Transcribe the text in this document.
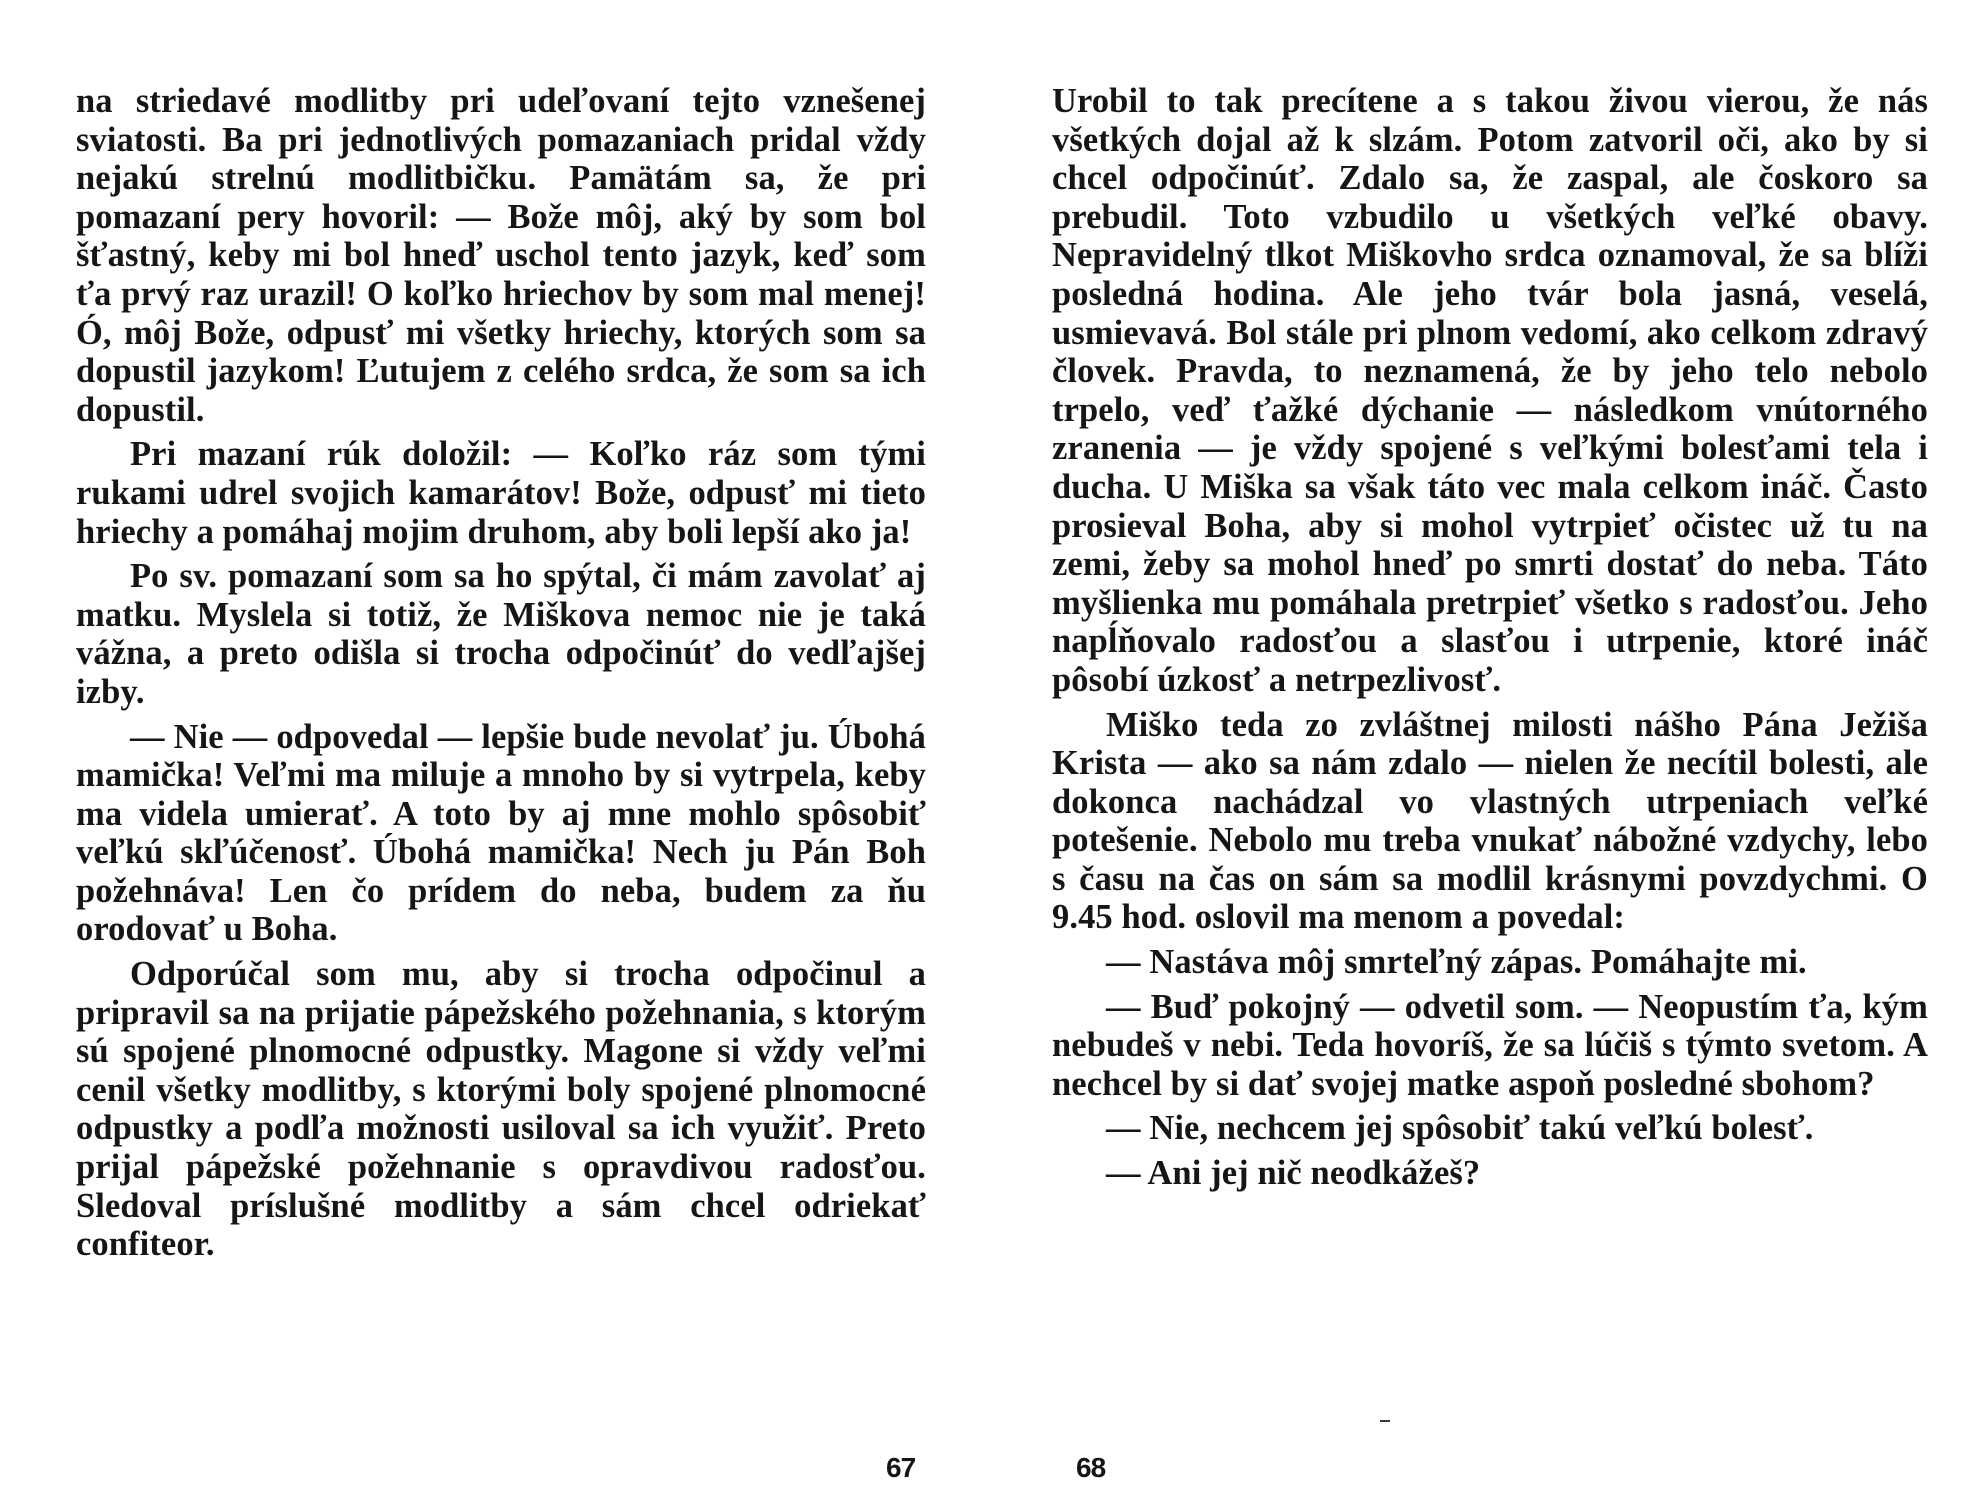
na striedavé modlitby pri udeľovaní tejto vznešenej sviatosti. Ba pri jednotlivých pomazaniach pridal vždy nejakú strelnú modlitbičku. Pamätám sa, že pri pomazaní pery hovoril: — Bože môj, aký by som bol šťastný, keby mi bol hneď uschol tento jazyk, keď som ťa prvý raz urazil! O koľko hriechov by som mal menej! Ó, môj Bože, odpusť mi všetky hriechy, ktorých som sa dopustil jazykom! Ľutujem z celého srdca, že som sa ich dopustil.

Pri mazaní rúk doložil: — Koľko ráz som tými rukami udrel svojich kamarátov! Bože, odpusť mi tieto hriechy a pomáhaj mojim druhom, aby boli lepší ako ja!

Po sv. pomazaní som sa ho spýtal, či mám zavolať aj matku. Myslela si totiž, že Miškova nemoc nie je taká vážna, a preto odišla si trocha odpočinúť do vedľajšej izby.

— Nie — odpovedal — lepšie bude nevolať ju. Úbohá mamička! Veľmi ma miluje a mnoho by si vytrpela, keby ma videla umierať. A toto by aj mne mohlo spôsobiť veľkú skľúčenosť. Úbohá mamička! Nech ju Pán Boh požehnáva! Len čo prídem do neba, budem za ňu orodovať u Boha.

Odporúčal som mu, aby si trocha odpočinul a pripravil sa na prijatie pápežského požehnania, s ktorým sú spojené plnomocné odpustky. Magone si vždy veľmi cenil všetky modlitby, s ktorými boly spojené plnomocné odpustky a podľa možnosti usiloval sa ich využiť. Preto prijal pápežské požehnanie s opravdivou radosťou. Sledoval príslušné modlitby a sám chcel odriekať confiteor.

Urobil to tak precítene a s takou živou vierou, že nás všetkých dojal až k slzám. Potom zatvoril oči, ako by si chcel odpočinúť. Zdalo sa, že zaspal, ale čoskoro sa prebudil. Toto vzbudilo u všetkých veľké obavy. Nepravidelný tlkot Miškovho srdca oznamoval, že sa blíži posledná hodina. Ale jeho tvár bola jasná, veselá, usmievavá. Bol stále pri plnom vedomí, ako celkom zdravý človek. Pravda, to neznamená, že by jeho telo nebolo trpelo, veď ťažké dýchanie — následkom vnútorného zranenia — je vždy spojené s veľkými bolesťami tela i ducha. U Miška sa však táto vec mala celkom ináč. Často prosieval Boha, aby si mohol vytrpieť očistec už tu na zemi, žeby sa mohol hneď po smrti dostať do neba. Táto myšlienka mu pomáhala pretrpieť všetko s radosťou. Jeho napĺňovalo radosťou a slasťou i utrpenie, ktoré ináč pôsobí úzkosť a netrpezlivosť.

Miško teda zo zvláštnej milosti nášho Pána Ježiša Krista — ako sa nám zdalo — nielen že necítil bolesti, ale dokonca nachádzal vo vlastných utrpeniach veľké potešenie. Nebolo mu treba vnukať nábožné vzdychy, lebo s času na čas on sám sa modlil krásnymi povzdychmi. O 9.45 hod. oslovil ma menom a povedal:

— Nastáva môj smrteľný zápas. Pomáhajte mi.

— Buď pokojný — odvetil som. — Neopustím ťa, kým nebudeš v nebi. Teda hovoríš, že sa lúčiš s týmto svetom. A nechcel by si dať svojej matke aspoň posledné sbohom?

— Nie, nechcem jej spôsobiť takú veľkú bolesť.

— Ani jej nič neodkážeš?

67	68
